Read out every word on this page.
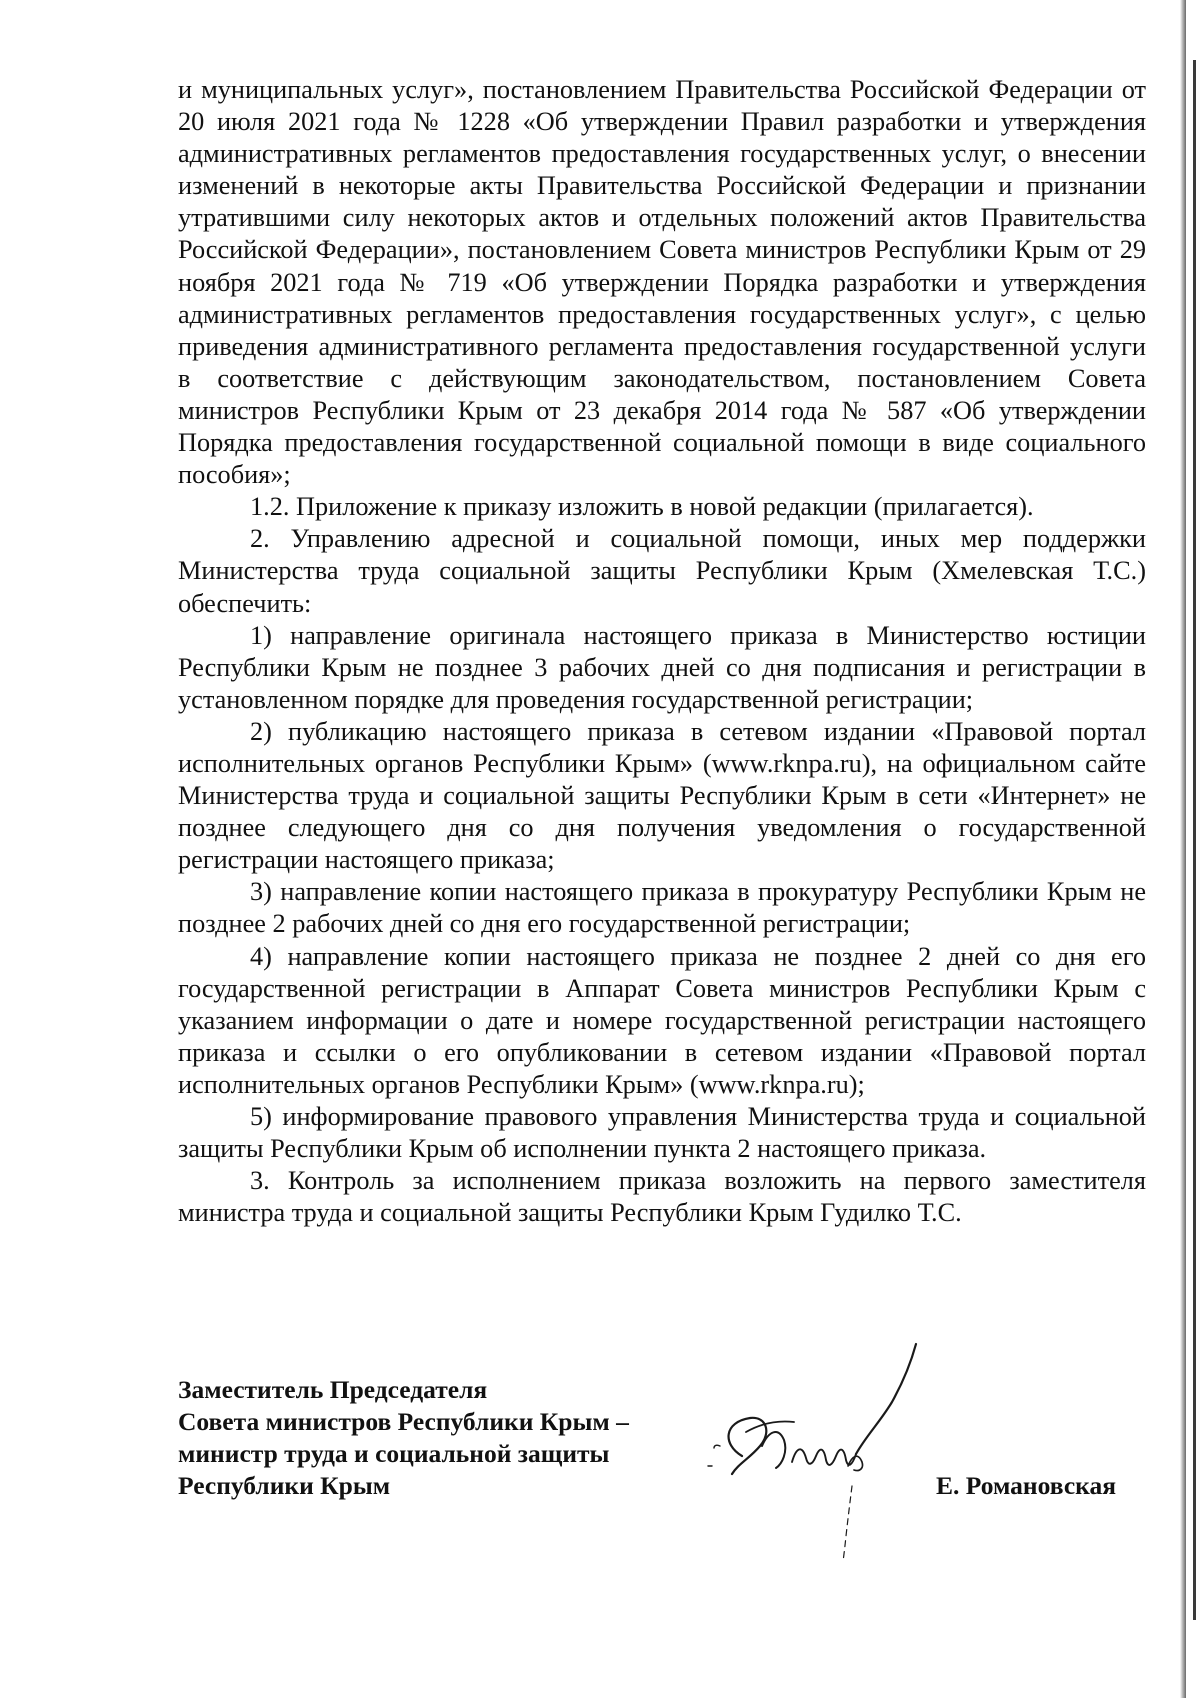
и муниципальных услуг», постановлением Правительства Российской Федерации от 20 июля 2021 года № 1228 «Об утверждении Правил разработки и утверждения административных регламентов предоставления государственных услуг, о внесении изменений в некоторые акты Правительства Российской Федерации и признании утратившими силу некоторых актов и отдельных положений актов Правительства Российской Федерации», постановлением Совета министров Республики Крым от 29 ноября 2021 года № 719 «Об утверждении Порядка разработки и утверждения административных регламентов предоставления государственных услуг», с целью приведения административного регламента предоставления государственной услуги в соответствие с действующим законодательством, постановлением Совета министров Республики Крым от 23 декабря 2014 года № 587 «Об утверждении Порядка предоставления государственной социальной помощи в виде социального пособия»;

1.2. Приложение к приказу изложить в новой редакции (прилагается).

2. Управлению адресной и социальной помощи, иных мер поддержки Министерства труда социальной защиты Республики Крым (Хмелевская Т.С.) обеспечить:

1) направление оригинала настоящего приказа в Министерство юстиции Республики Крым не позднее 3 рабочих дней со дня подписания и регистрации в установленном порядке для проведения государственной регистрации;

2) публикацию настоящего приказа в сетевом издании «Правовой портал исполнительных органов Республики Крым» (www.rknpa.ru), на официальном сайте Министерства труда и социальной защиты Республики Крым в сети «Интернет» не позднее следующего дня со дня получения уведомления о государственной регистрации настоящего приказа;

3) направление копии настоящего приказа в прокуратуру Республики Крым не позднее 2 рабочих дней со дня его государственной регистрации;

4) направление копии настоящего приказа не позднее 2 дней со дня его государственной регистрации в Аппарат Совета министров Республики Крым с указанием информации о дате и номере государственной регистрации настоящего приказа и ссылки о его опубликовании в сетевом издании «Правовой портал исполнительных органов Республики Крым» (www.rknpa.ru);

5) информирование правового управления Министерства труда и социальной защиты Республики Крым об исполнении пункта 2 настоящего приказа.

3. Контроль за исполнением приказа возложить на первого заместителя министра труда и социальной защиты Республики Крым Гудилко Т.С.

Заместитель Председателя
Совета министров Республики Крым –
министр труда и социальной защиты
Республики Крым	Е. Романовская
